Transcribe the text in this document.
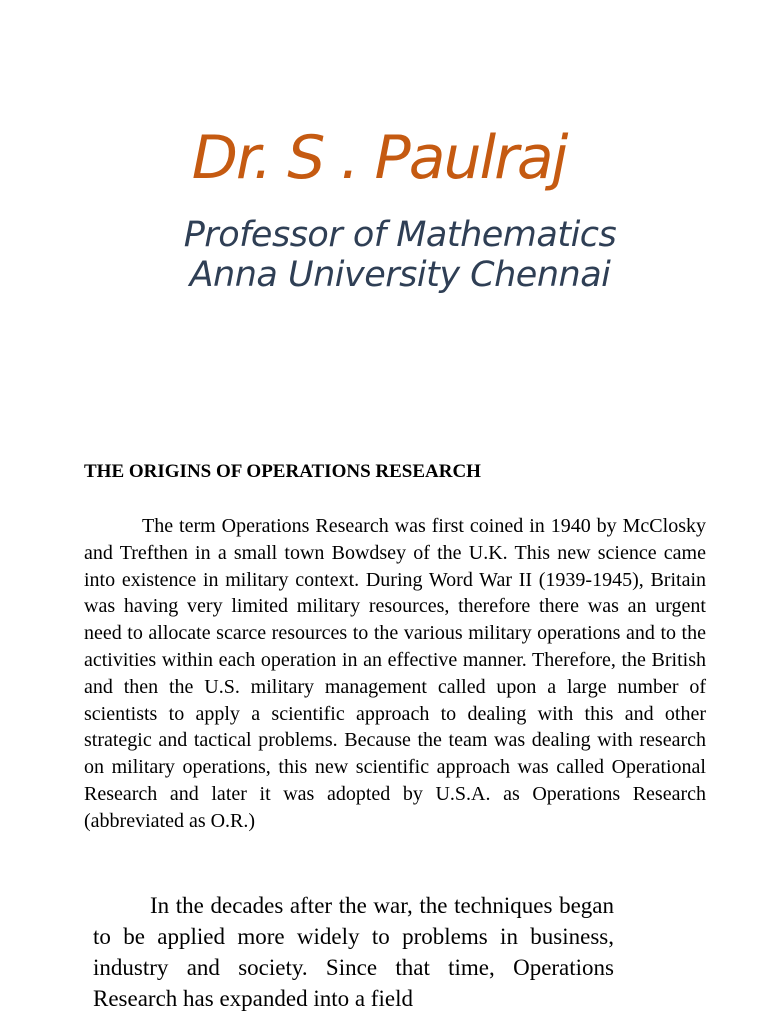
Dr. S . Paulraj
Professor of Mathematics
Anna University Chennai
THE ORIGINS OF OPERATIONS RESEARCH

The term Operations Research was first coined in 1940 by McClosky and Trefthen in a small town Bowdsey of the U.K. This new science came into existence in military context. During Word War II (1939-1945), Britain was having very limited military resources, therefore there was an urgent need to allocate scarce resources to the various military operations and to the activities within each operation in an effective manner. Therefore, the British and then the U.S. military management called upon a large number of scientists to apply a scientific approach to dealing with this and other strategic and tactical problems. Because the team was dealing with research on military operations, this new scientific approach was called Operational Research and later it was adopted by U.S.A. as Operations Research (abbreviated as O.R.)

In the decades after the war, the techniques began to be applied more widely to problems in business, industry and society. Since that time, Operations Research has expanded into a field
